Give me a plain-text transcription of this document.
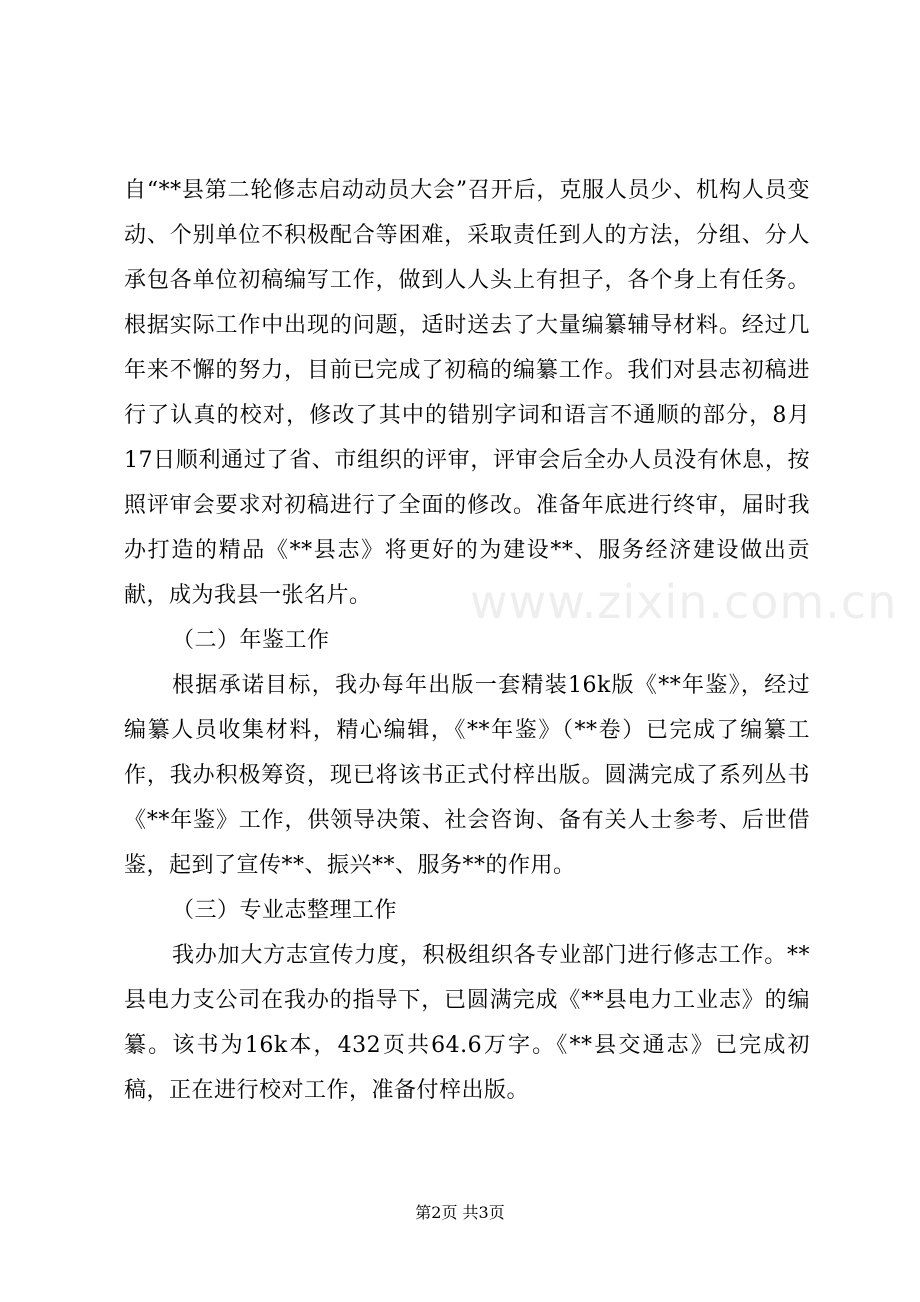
自“**县第二轮修志启动动员大会”召开后，克服人员少、机构人员变动、个别单位不积极配合等困难，采取责任到人的方法，分组、分人承包各单位初稿编写工作，做到人人头上有担子，各个身上有任务。根据实际工作中出现的问题，适时送去了大量编纂辅导材料。经过几年来不懈的努力，目前已完成了初稿的编纂工作。我们对县志初稿进行了认真的校对，修改了其中的错别字词和语言不通顺的部分，8月17日顺利通过了省、市组织的评审，评审会后全办人员没有休息，按照评审会要求对初稿进行了全面的修改。准备年底进行终审，届时我办打造的精品《**县志》将更好的为建设**、服务经济建设做出贡献，成为我县一张名片。

（二）年鉴工作

根据承诺目标，我办每年出版一套精装16k版《**年鉴》，经过编纂人员收集材料，精心编辑，《**年鉴》（**卷）已完成了编纂工作，我办积极筹资，现已将该书正式付梓出版。圆满完成了系列丛书《**年鉴》工作，供领导决策、社会咨询、备有关人士参考、后世借鉴，起到了宣传**、振兴**、服务**的作用。

（三）专业志整理工作

我办加大方志宣传力度，积极组织各专业部门进行修志工作。**县电力支公司在我办的指导下，已圆满完成《**县电力工业志》的编纂。该书为16k本，432页共64.6万字。《**县交通志》已完成初稿，正在进行校对工作，准备付梓出版。

www.zixin.com.cn
第2页 共3页
